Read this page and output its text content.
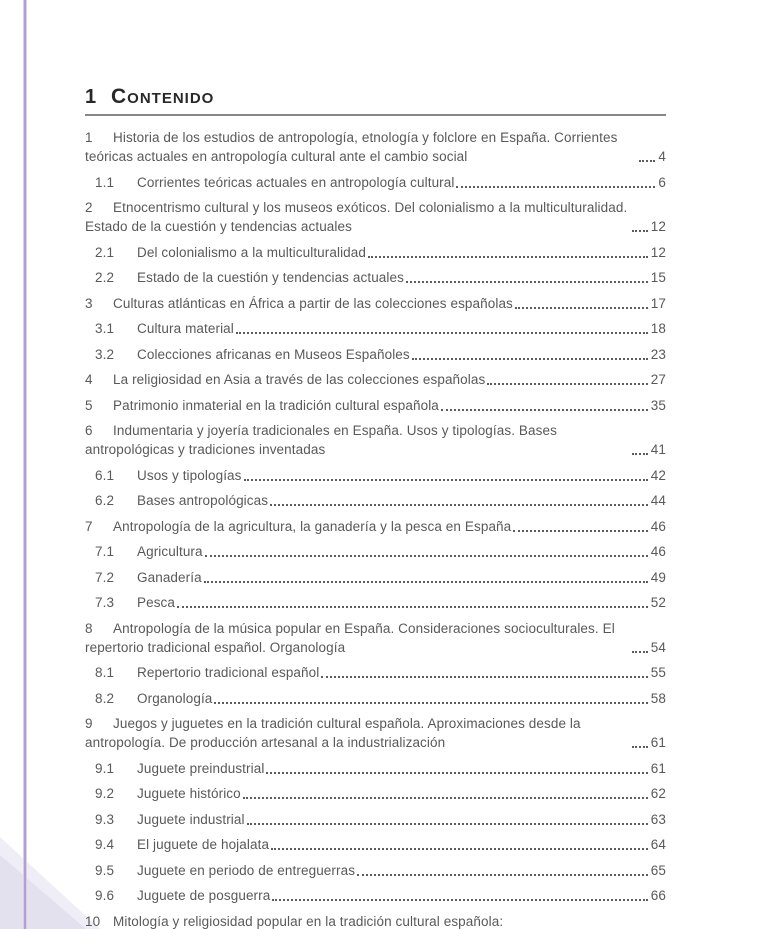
1 Contenido
1 Historia de los estudios de antropología, etnología y folclore en España. Corrientes teóricas actuales en antropología cultural ante el cambio social	4
1.1 Corrientes teóricas actuales en antropología cultural	6
2 Etnocentrismo cultural y los museos exóticos. Del colonialismo a la multiculturalidad. Estado de la cuestión y tendencias actuales	12
2.1 Del colonialismo a la multiculturalidad	12
2.2 Estado de la cuestión y tendencias actuales	15
3 Culturas atlánticas en África a partir de las colecciones españolas	17
3.1 Cultura material	18
3.2 Colecciones africanas en Museos Españoles	23
4 La religiosidad en Asia a través de las colecciones españolas	27
5 Patrimonio inmaterial en la tradición cultural española	35
6 Indumentaria y joyería tradicionales en España. Usos y tipologías. Bases antropológicas y tradiciones inventadas	41
6.1 Usos y tipologías	42
6.2 Bases antropológicas	44
7 Antropología de la agricultura, la ganadería y la pesca en España	46
7.1 Agricultura	46
7.2 Ganadería	49
7.3 Pesca	52
8 Antropología de la música popular en España. Consideraciones socioculturales. El repertorio tradicional español. Organología	54
8.1 Repertorio tradicional español	55
8.2 Organología	58
9 Juegos y juguetes en la tradición cultural española. Aproximaciones desde la antropología. De producción artesanal a la industrialización	61
9.1 Juguete preindustrial	61
9.2 Juguete histórico	62
9.3 Juguete industrial	63
9.4 El juguete de hojalata	64
9.5 Juguete en periodo de entreguerras	65
9.6 Juguete de posguerra	66
10 Mitología y religiosidad popular en la tradición cultural española:
